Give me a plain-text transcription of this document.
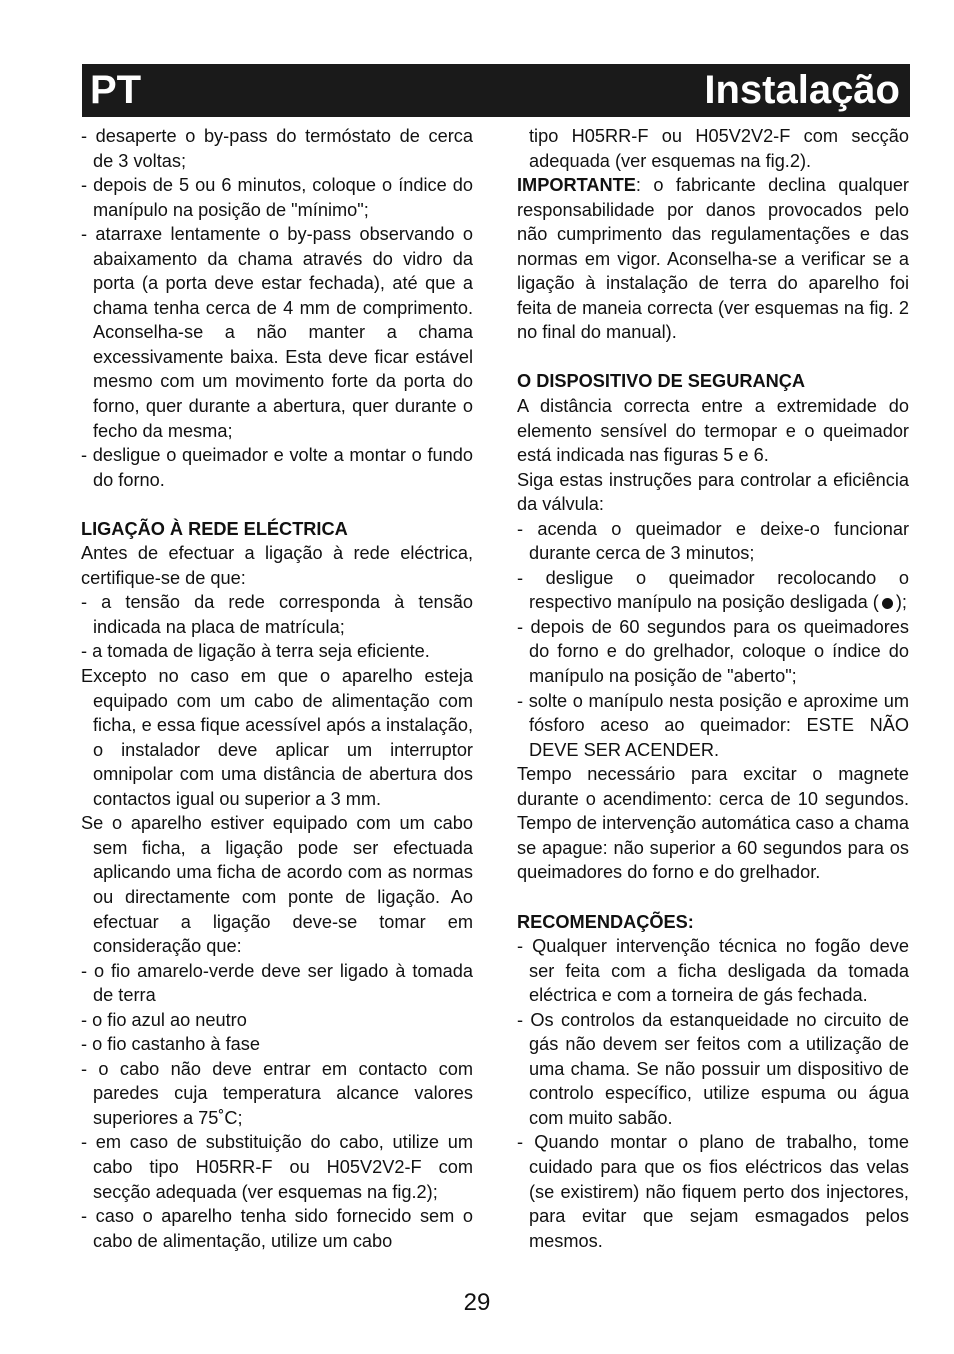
PT	Instalação

- desaperte o by-pass do termóstato de cerca de 3 voltas;

- depois de 5 ou 6 minutos, coloque o índice do manípulo na posição de "mínimo";

- atarraxe lentamente o by-pass observando o abaixamento da chama através do vidro da porta (a porta deve estar fechada), até que a chama tenha cerca de 4 mm de comprimento. Aconselha-se a não manter a chama excessivamente baixa. Esta deve ficar estável mesmo com um movimento forte da porta do forno, quer durante a abertura, quer durante o fecho da mesma;

- desligue o queimador e volte a montar o fundo do forno.

LIGAÇÃO À REDE ELÉCTRICA

Antes de efectuar a ligação à rede eléctrica, certifique-se de que:

- a tensão da rede corresponda à tensão indicada na placa de matrícula;

- a tomada de ligação à terra seja eficiente.

Excepto no caso em que o aparelho esteja equipado com um cabo de alimentação com ficha, e essa fique acessível após a instalação, o instalador deve aplicar um interruptor omnipolar com uma distância de abertura dos contactos igual ou superior a 3 mm.

Se o aparelho estiver equipado com um cabo sem ficha, a ligação pode ser efectuada aplicando uma ficha de acordo com as normas ou directamente com ponte de ligação. Ao efectuar a ligação deve-se tomar em consideração que:

- o fio amarelo-verde deve ser ligado à tomada de terra

- o fio azul ao neutro

- o fio castanho à fase

- o cabo não deve entrar em contacto com paredes cuja temperatura alcance valores superiores a 75˚C;

- em caso de substituição do cabo, utilize um cabo tipo H05RR-F ou H05V2V2-F com secção adequada (ver esquemas na fig.2);

- caso o aparelho tenha sido fornecido sem o cabo de alimentação, utilize um cabo

tipo H05RR-F ou H05V2V2-F com secção adequada (ver esquemas na fig.2).

IMPORTANTE: o fabricante declina qualquer responsabilidade por danos provocados pelo não cumprimento das regulamentações e das normas em vigor. Aconselha-se a verificar se a ligação à instalação de terra do aparelho foi feita de maneia correcta (ver esquemas na fig. 2 no final do manual).

O DISPOSITIVO DE SEGURANÇA

A distância correcta entre a extremidade do elemento sensível do termopar e o queimador está indicada nas figuras 5 e 6.

Siga estas instruções para controlar a eficiência da válvula:

- acenda o queimador e deixe-o funcionar durante cerca de 3 minutos;

- desligue o queimador recolocando o respectivo manípulo na posição desligada ( );

- depois de 60 segundos para os queimadores do forno e do grelhador, coloque o índice do manípulo na posição de "aberto";

- solte o manípulo nesta posição e aproxime um fósforo aceso ao queimador: ESTE NÃO DEVE SER ACENDER.

Tempo necessário para excitar o magnete durante o acendimento: cerca de 10 segundos. Tempo de intervenção automática caso a chama se apague: não superior a 60 segundos para os queimadores do forno e do grelhador.

RECOMENDAÇÕES:

- Qualquer intervenção técnica no fogão deve ser feita com a ficha desligada da tomada eléctrica e com a torneira de gás fechada.

- Os controlos da estanqueidade no circuito de gás não devem ser feitos com a utilização de uma chama. Se não possuir um dispositivo de controlo específico, utilize espuma ou água com muito sabão.

- Quando montar o plano de trabalho, tome cuidado para que os fios eléctricos das velas (se existirem) não fiquem perto dos injectores, para evitar que sejam esmagados pelos mesmos.

29
